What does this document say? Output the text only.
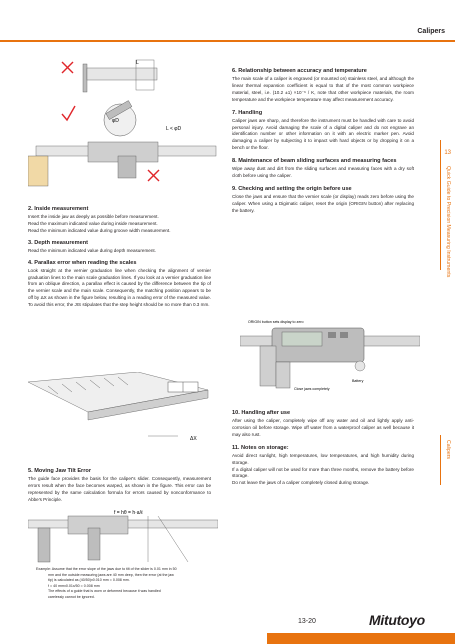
Calipers
13
Quick Guide to Precision Measuring Instruments
Calipers
L
φD
L < φD

2. Inside measurement

Insert the inside jaw as deeply as possible before measurement.

Read the maximum indicated value during inside measurement.

Read the minimum indicated value during groove width measurement.

3. Depth measurement

Read the minimum indicated value during depth measurement.

4. Parallax error when reading the scales

Look straight at the vernier graduation line when checking the alignment of vernier graduation lines to the main scale graduation lines. If you look at a vernier graduation line from an oblique direction, a parallax effect is caused by the difference between the tip of the vernier scale and the main scale. Consequently, the matching position appears to be off by ΔX as shown in the figure below, resulting in a reading error of the measured value. To avoid this error, the JIS stipulates that the step height should be no more than 0.3 mm.

ΔX

5. Moving Jaw Tilt Error

The guide face provides the basis for the caliper's slider. Consequently, measurement errors result when the face becomes warped, as shown in the figure. This error can be represented by the same calculation formula for errors caused by nonconformance to Abbe's Principle.

f = hθ = h·a/ℓ
Example: Assume that the error slope of the jaws due to tilt of the slider is 0.01 mm in 50
mm and the outside measuring jaws are 40 mm deep, then the error (at the jaw
tip) is calculated as (40/50)x0.010 mm = 0.008 mm.
f = 40 mmx0.01x/50 = 0.008 mm
The effects of a guide that is worn or deformed because it was handled
carelessly cannot be ignored.

6. Relationship between accuracy and temperature

The main scale of a caliper is engraved (or mounted on) stainless steel, and although the linear thermal expansion coefficient is equal to that of the most common workpiece material, steel, i.e. (10.2 ±1) ×10⁻⁶ / K, note that other workpiece materials, the room temperature and the workpiece temperature may affect measurement accuracy.

7. Handling

Caliper jaws are sharp, and therefore the instrument must be handled with care to avoid personal injury. Avoid damaging the scale of a digital caliper and do not engrave an identification number or other information on it with an electric marker pen. Avoid damaging a caliper by subjecting it to impact with hard objects or by dropping it on a bench or the floor.

8. Maintenance of beam sliding surfaces and measuring faces

Wipe away dust and dirt from the sliding surfaces and measuring faces with a dry soft cloth before using the caliper.

9. Checking and setting the origin before use

Close the jaws and ensure that the vernier scale (or display) reads zero before using the caliper. When using a Digimatic caliper, reset the origin (ORIGIN button) after replacing the battery.

ORIGIN button sets display to zero
Battery
Close jaws completely

10. Handling after use

After using the caliper, completely wipe off any water and oil and lightly apply anti-corrosion oil before storage. Wipe off water from a waterproof caliper as well because it may also rust.

11. Notes on storage:

Avoid direct sunlight, high temperatures, low temperatures, and high humidity during storage.

If a digital caliper will not be used for more than three months, remove the battery before storage.

Do not leave the jaws of a caliper completely closed during storage.

13-20	Mitutoyo
